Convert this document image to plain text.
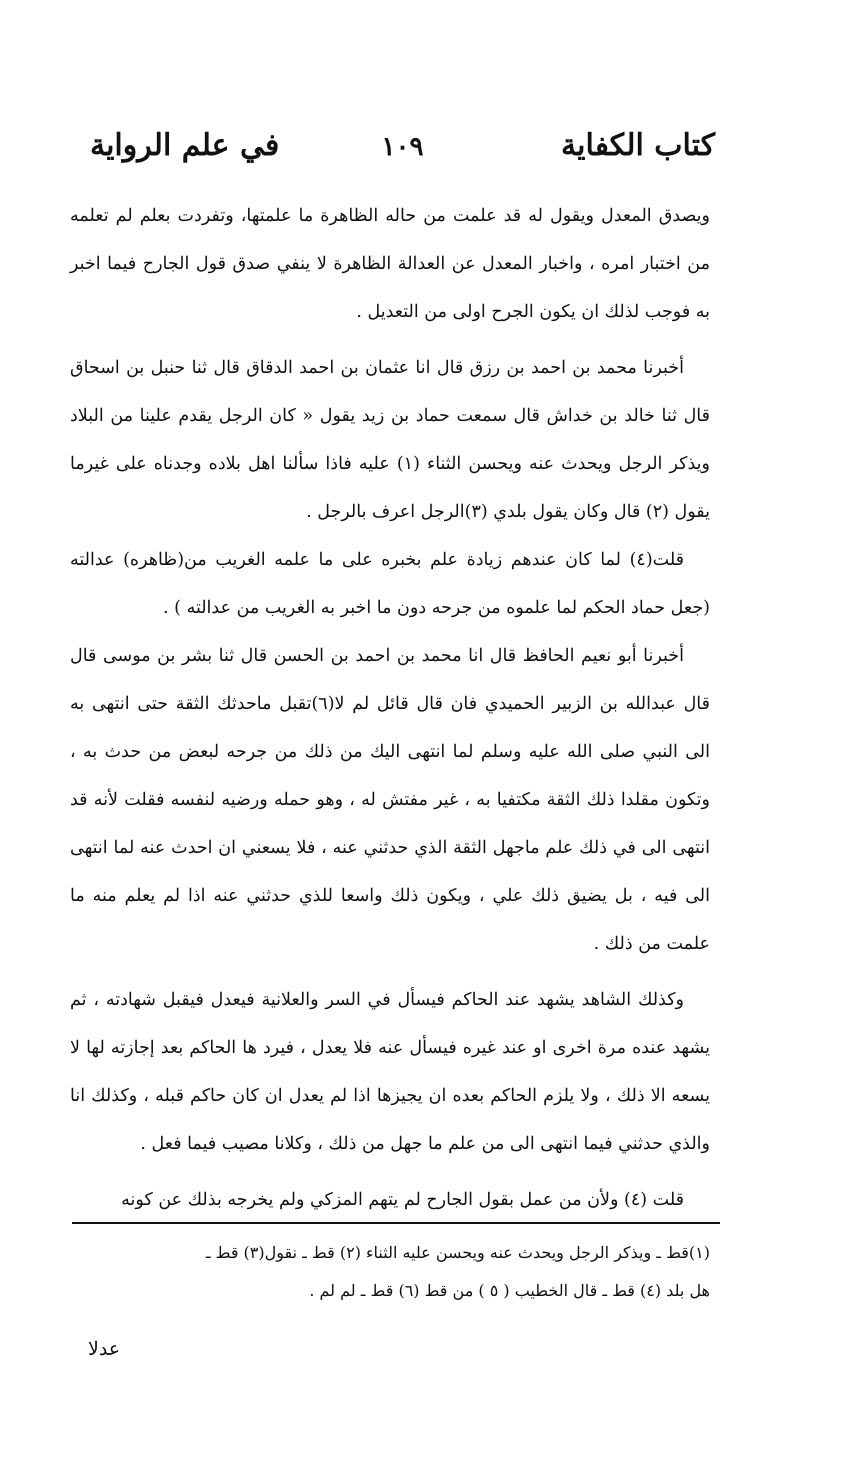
كتاب الكفاية
١٠٩
في علم الرواية

ويصدق المعدل ويقول له قد علمت من حاله الظاهرة ما علمتها، وتفردت بعلم لم تعلمه من اختبار امره ، واخبار المعدل عن العدالة الظاهرة لا ينفي صدق قول الجارح فيما اخبر به فوجب لذلك ان يكون الجرح اولى من التعديل .

أخبرنا محمد بن احمد بن رزق قال انا عثمان بن احمد الدقاق قال ثنا حنبل بن اسحاق قال ثنا خالد بن خداش قال سمعت حماد بن زيد يقول « كان الرجل يقدم علينا من البلاد ويذكر الرجل ويحدث عنه ويحسن الثناء (١) عليه فاذا سألنا اهل بلاده وجدناه على غيرما يقول (٢) قال وكان يقول بلدي (٣)الرجل اعرف بالرجل .

قلت(٤) لما كان عندهم زيادة علم بخبره على ما علمه الغريب من(ظاهره) عدالته (جعل حماد الحكم لما علموه من جرحه دون ما اخبر به الغريب من عدالته ) .

أخبرنا أبو نعيم الحافظ قال انا محمد بن احمد بن الحسن قال ثنا بشر بن موسى قال قال عبدالله بن الزبير الحميدي فان قال قائل لم لا(٦)تقبل ماحدثك الثقة حتى انتهى به الى النبي صلى الله عليه وسلم لما انتهى اليك من ذلك من جرحه لبعض من حدث به ، وتكون مقلدا ذلك الثقة مكتفيا به ، غير مفتش له ، وهو حمله ورضيه لنفسه فقلت لأنه قد انتهى الى في ذلك علم ماجهل الثقة الذي حدثني عنه ، فلا يسعني ان احدث عنه لما انتهى الى فيه ، بل يضيق ذلك علي ، ويكون ذلك واسعا للذي حدثني عنه اذا لم يعلم منه ما علمت من ذلك .

وكذلك الشاهد يشهد عند الحاكم فيسأل في السر والعلانية فيعدل فيقبل شهادته ، ثم يشهد عنده مرة اخرى او عند غيره فيسأل عنه فلا يعدل ، فيرد ها الحاكم بعد إجازته لها لا يسعه الا ذلك ، ولا يلزم الحاكم بعده ان يجيزها اذا لم يعدل ان كان حاكم قبله ، وكذلك انا والذي حدثني فيما انتهى الى من علم ما جهل من ذلك ، وكلانا مصيب فيما فعل .

قلت (٤) ولأن من عمل بقول الجارح لم يتهم المزكي ولم يخرجه بذلك عن كونه

(١)قط ـ ويذكر الرجل ويحدث عنه ويحسن عليه الثناء (٢) قط ـ نقول(٣) قط ـ
هل بلد (٤) قط ـ قال الخطيب ( ٥ ) من قط (٦) قط ـ لم لم .
عدلا
